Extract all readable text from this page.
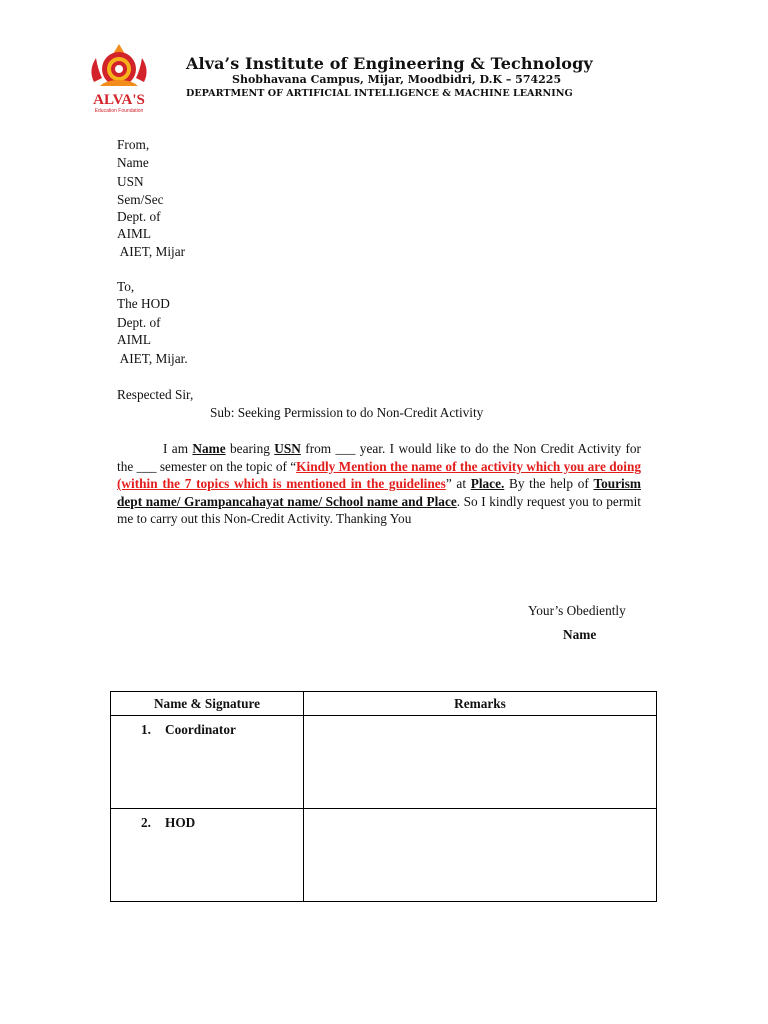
ALVA'S
Education Foundation
Alva’s Institute of Engineering & Technology
Shobhavana Campus, Mijar, Moodbidri, D.K – 574225
DEPARTMENT OF ARTIFICIAL INTELLIGENCE & MACHINE LEARNING
From,
Name
USN
Sem/Sec
Dept. of
AIML
AIET, Mijar
To,
The HOD
Dept. of
AIML
AIET, Mijar.
Respected Sir,
Sub: Seeking Permission to do Non-Credit Activity
I am Name bearing USN from ___ year. I would like to do the Non Credit Activity for the ___ semester on the topic of “Kindly Mention the name of the activity which you are doing (within the 7 topics which is mentioned in the guidelines” at Place. By the help of Tourism dept name/ Grampancahayat name/ School name and Place. So I kindly request you to permit me to carry out this Non-Credit Activity. Thanking You
Your’s Obediently
Name
Name & Signature	Remarks

1. Coordinator	

2. HOD	
